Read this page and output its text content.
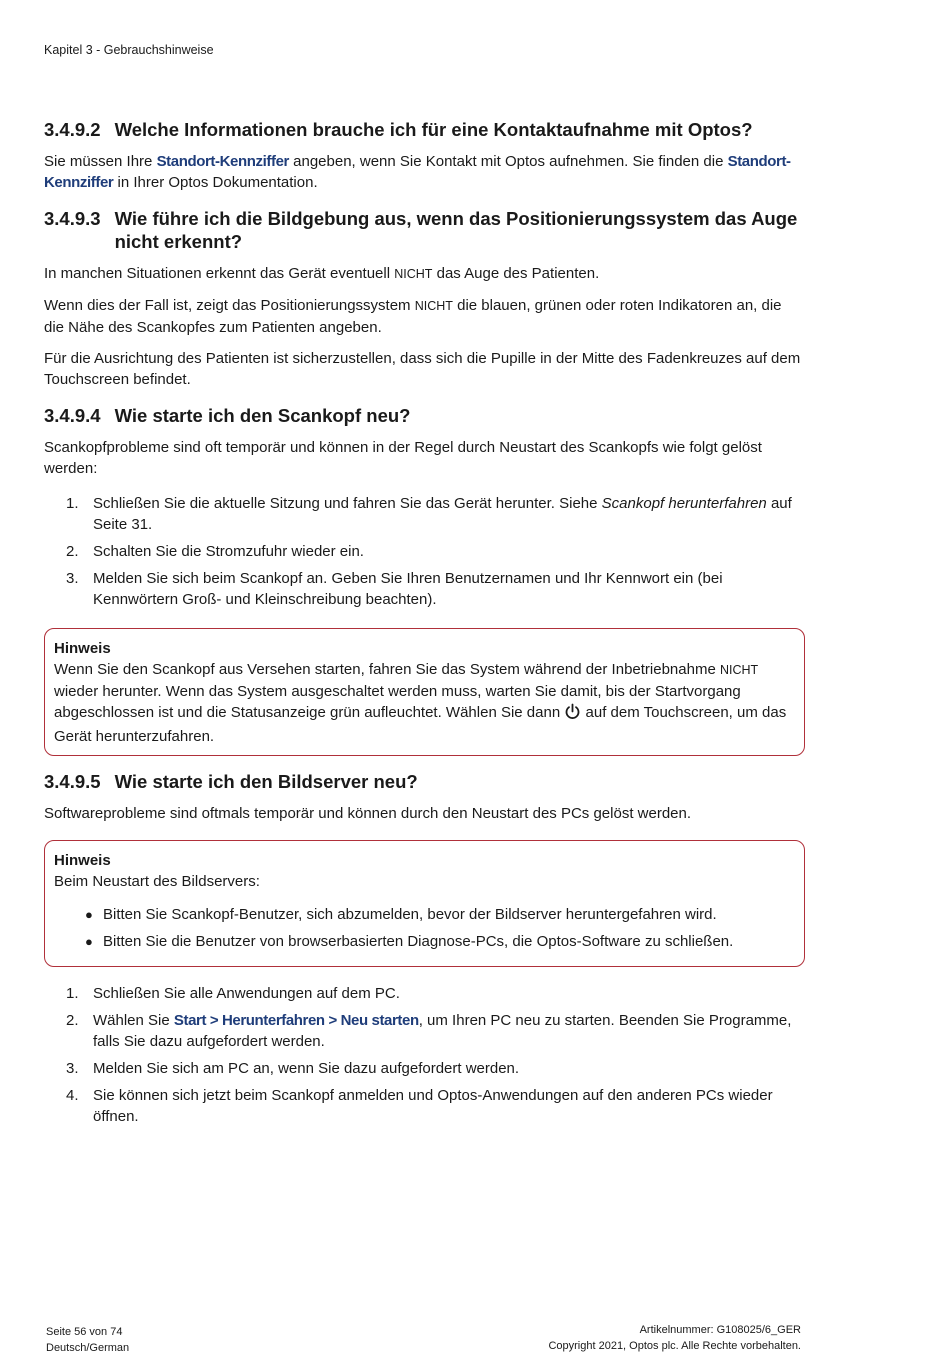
Kapitel 3 - Gebrauchshinweise
3.4.9.2 Welche Informationen brauche ich für eine Kontaktaufnahme mit Optos?

Sie müssen Ihre Standort-Kennziffer angeben, wenn Sie Kontakt mit Optos aufnehmen. Sie finden die Standort-Kennziffer in Ihrer Optos Dokumentation.

3.4.9.3 Wie führe ich die Bildgebung aus, wenn das Positionierungssystem das Auge nicht erkennt?

In manchen Situationen erkennt das Gerät eventuell NICHT das Auge des Patienten.

Wenn dies der Fall ist, zeigt das Positionierungssystem NICHT die blauen, grünen oder roten Indikatoren an, die die Nähe des Scankopfes zum Patienten angeben.

Für die Ausrichtung des Patienten ist sicherzustellen, dass sich die Pupille in der Mitte des Fadenkreuzes auf dem Touchscreen befindet.

3.4.9.4 Wie starte ich den Scankopf neu?

Scankopfprobleme sind oft temporär und können in der Regel durch Neustart des Scankopfs wie folgt gelöst werden:

1. Schließen Sie die aktuelle Sitzung und fahren Sie das Gerät herunter. Siehe Scankopf herunterfahren auf Seite 31.
2. Schalten Sie die Stromzufuhr wieder ein.
3. Melden Sie sich beim Scankopf an. Geben Sie Ihren Benutzernamen und Ihr Kennwort ein (bei Kennwörtern Groß- und Kleinschreibung beachten).
Hinweis

Wenn Sie den Scankopf aus Versehen starten, fahren Sie das System während der Inbetriebnahme NICHT wieder herunter. Wenn das System ausgeschaltet werden muss, warten Sie damit, bis der Startvorgang abgeschlossen ist und die Statusanzeige grün aufleuchtet. Wählen Sie dann  auf dem Touchscreen, um das Gerät herunterzufahren.

3.4.9.5 Wie starte ich den Bildserver neu?

Softwareprobleme sind oftmals temporär und können durch den Neustart des PCs gelöst werden.

Hinweis

Beim Neustart des Bildservers:

● Bitten Sie Scankopf-Benutzer, sich abzumelden, bevor der Bildserver heruntergefahren wird.
● Bitten Sie die Benutzer von browserbasierten Diagnose-PCs, die Optos-Software zu schließen.
1. Schließen Sie alle Anwendungen auf dem PC.
2. Wählen Sie Start > Herunterfahren > Neu starten, um Ihren PC neu zu starten. Beenden Sie Programme, falls Sie dazu aufgefordert werden.
3. Melden Sie sich am PC an, wenn Sie dazu aufgefordert werden.
4. Sie können sich jetzt beim Scankopf anmelden und Optos-Anwendungen auf den anderen PCs wieder öffnen.
Seite 56 von 74
Deutsch/German
Artikelnummer: G108025/6_GER
Copyright 2021, Optos plc. Alle Rechte vorbehalten.
